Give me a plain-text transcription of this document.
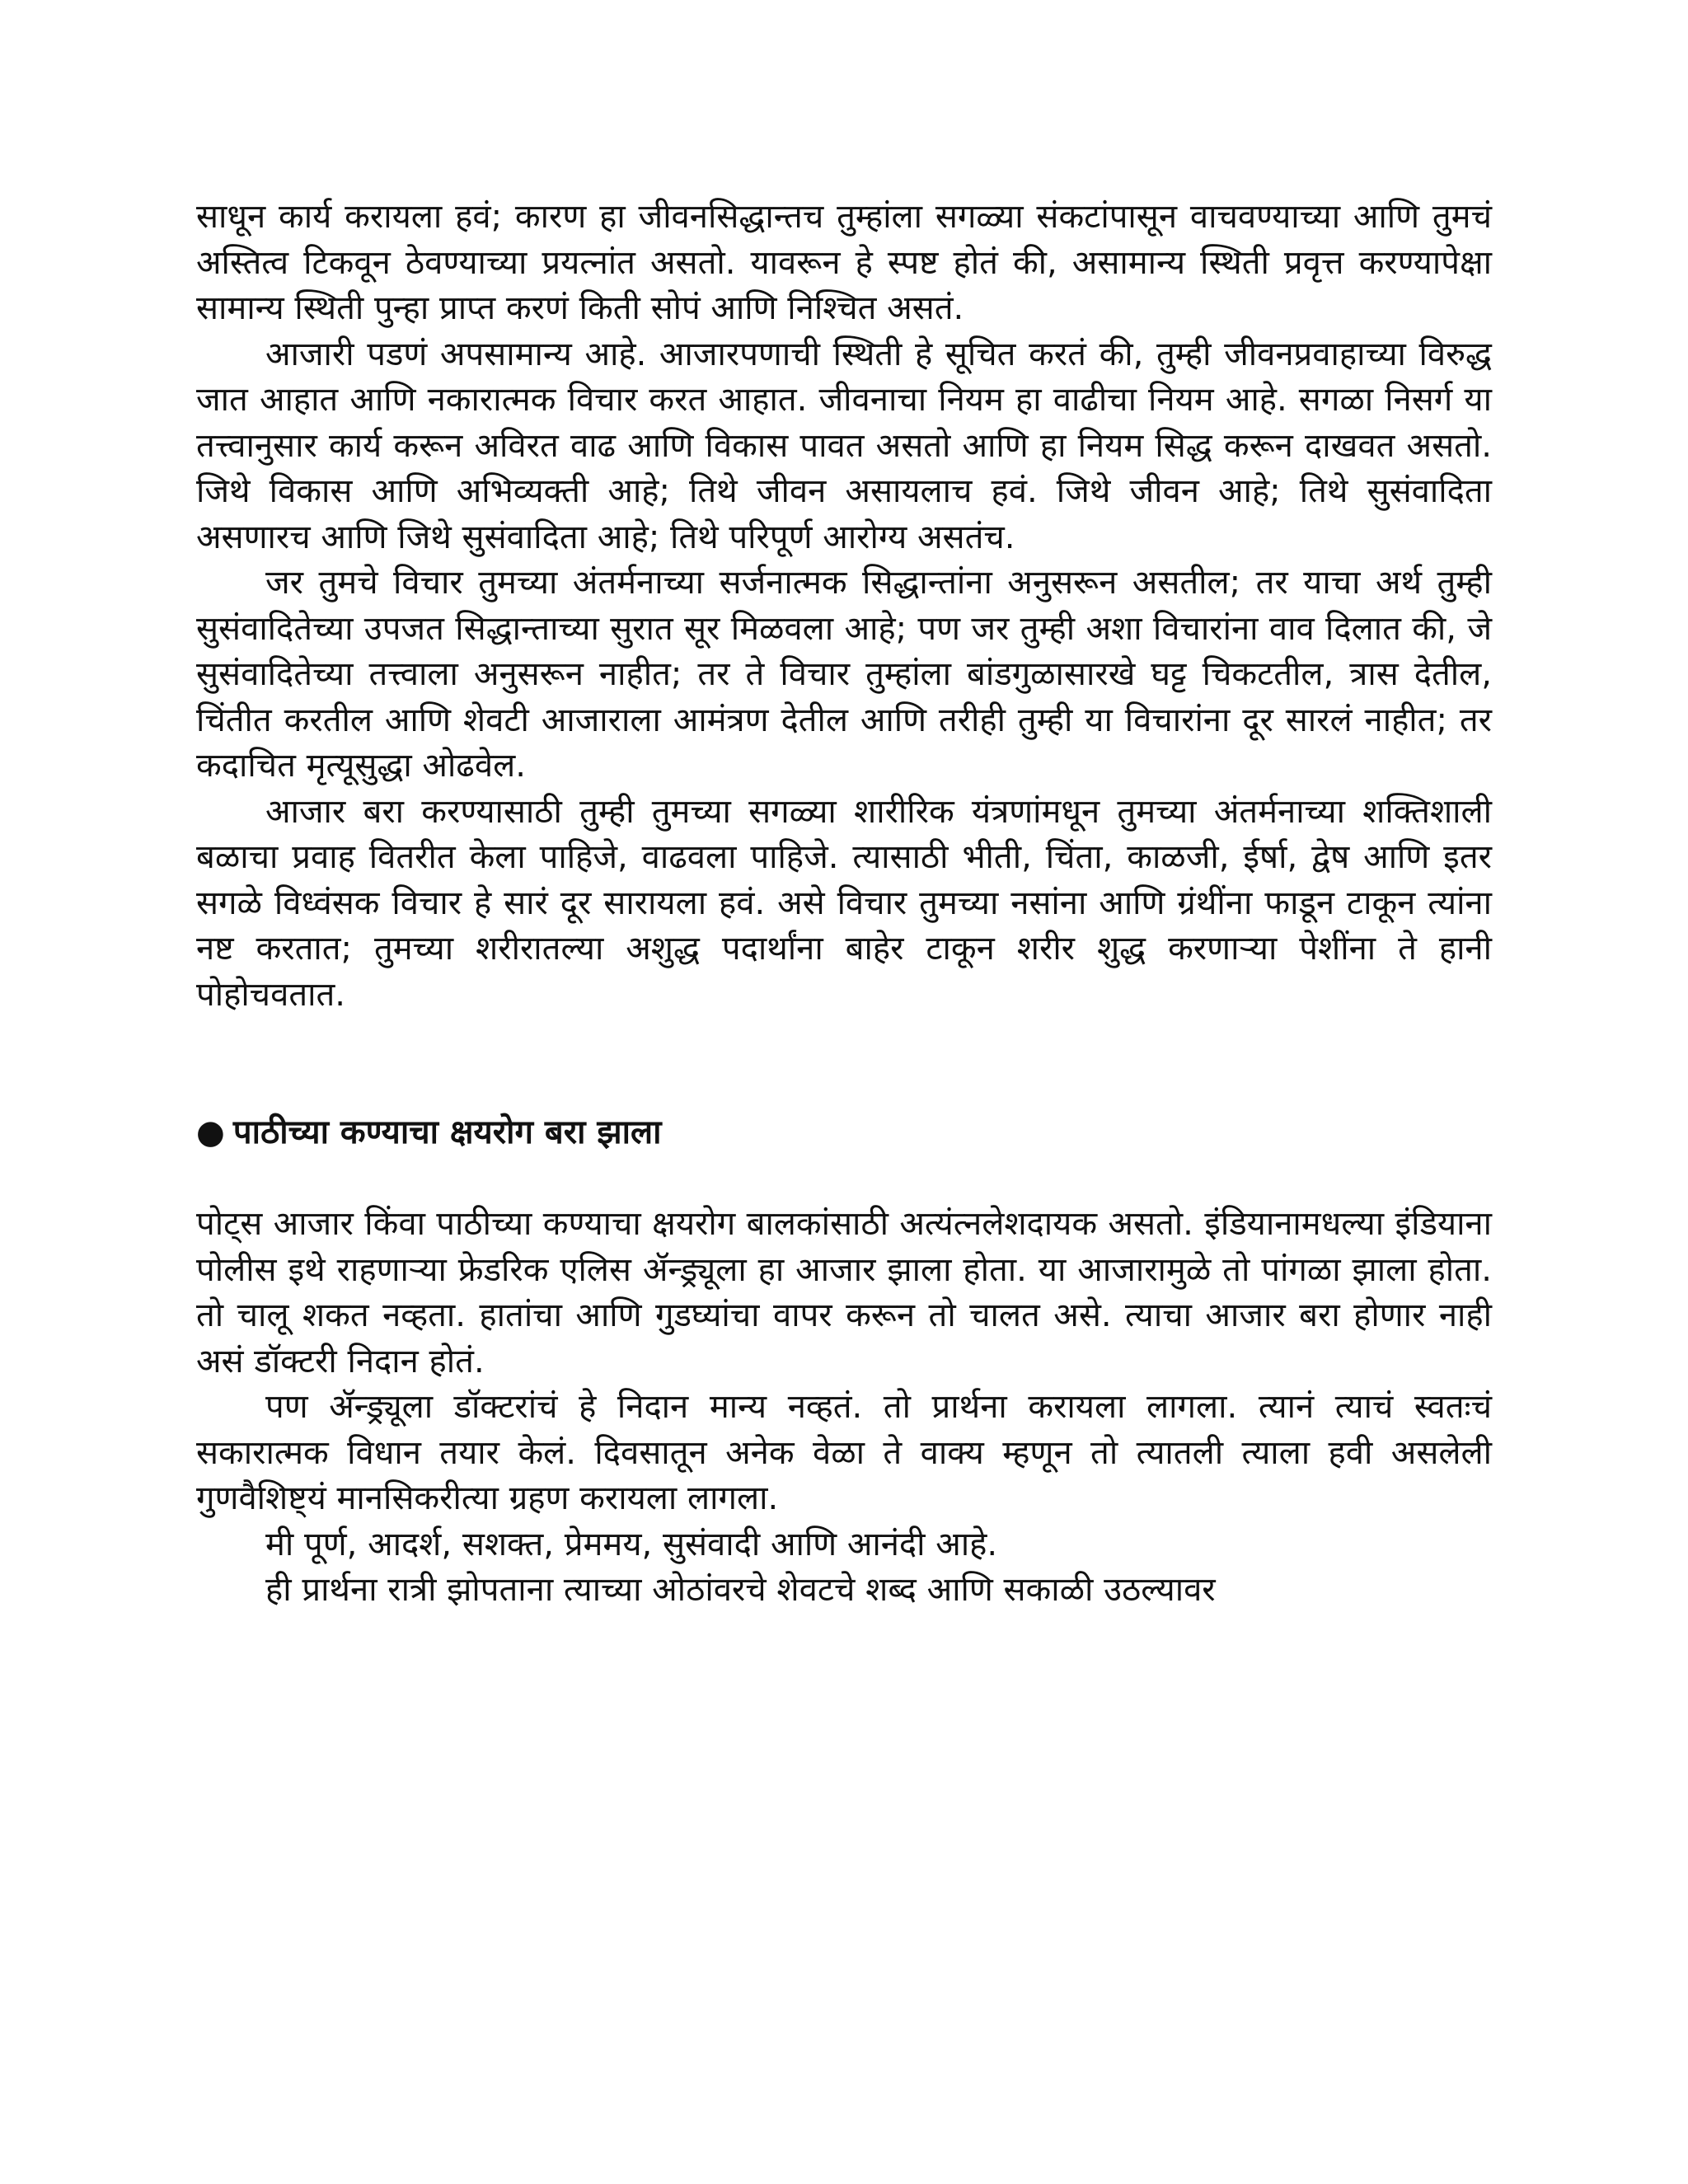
साधून कार्य करायला हवं; कारण हा जीवनसिद्धान्तच तुम्हांला सगळ्या संकटांपासून वाचवण्याच्या आणि तुमचं अस्तित्व टिकवून ठेवण्याच्या प्रयत्नांत असतो. यावरून हे स्पष्ट होतं की, असामान्य स्थिती प्रवृत्त करण्यापेक्षा सामान्य स्थिती पुन्हा प्राप्त करणं किती सोपं आणि निश्चित असतं.

आजारी पडणं अपसामान्य आहे. आजारपणाची स्थिती हे सूचित करतं की, तुम्ही जीवनप्रवाहाच्या विरुद्ध जात आहात आणि नकारात्मक विचार करत आहात. जीवनाचा नियम हा वाढीचा नियम आहे. सगळा निसर्ग या तत्त्वानुसार कार्य करून अविरत वाढ आणि विकास पावत असतो आणि हा नियम सिद्ध करून दाखवत असतो. जिथे विकास आणि अभिव्यक्ती आहे; तिथे जीवन असायलाच हवं. जिथे जीवन आहे; तिथे सुसंवादिता असणारच आणि जिथे सुसंवादिता आहे; तिथे परिपूर्ण आरोग्य असतंच.

जर तुमचे विचार तुमच्या अंतर्मनाच्या सर्जनात्मक सिद्धान्तांना अनुसरून असतील; तर याचा अर्थ तुम्ही सुसंवादितेच्या उपजत सिद्धान्ताच्या सुरात सूर मिळवला आहे; पण जर तुम्ही अशा विचारांना वाव दिलात की, जे सुसंवादितेच्या तत्त्वाला अनुसरून नाहीत; तर ते विचार तुम्हांला बांडगुळासारखे घट्ट चिकटतील, त्रास देतील, चिंतीत करतील आणि शेवटी आजाराला आमंत्रण देतील आणि तरीही तुम्ही या विचारांना दूर सारलं नाहीत; तर कदाचित मृत्यूसुद्धा ओढवेल.

आजार बरा करण्यासाठी तुम्ही तुमच्या सगळ्या शारीरिक यंत्रणांमधून तुमच्या अंतर्मनाच्या शक्तिशाली बळाचा प्रवाह वितरीत केला पाहिजे, वाढवला पाहिजे. त्यासाठी भीती, चिंता, काळजी, ईर्षा, द्वेष आणि इतर सगळे विध्वंसक विचार हे सारं दूर सारायला हवं. असे विचार तुमच्या नसांना आणि ग्रंथींना फाडून टाकून त्यांना नष्ट करतात; तुमच्या शरीरातल्या अशुद्ध पदार्थांना बाहेर टाकून शरीर शुद्ध करणाऱ्या पेशींना ते हानी पोहोचवतात.

● पाठीच्या कण्याचा क्षयरोग बरा झाला

पोट्स आजार किंवा पाठीच्या कण्याचा क्षयरोग बालकांसाठी अत्यंत्नलेशदायक असतो. इंडियानामधल्या इंडियाना पोलीस इथे राहणाऱ्या फ्रेडरिक एलिस ॲन्ड्र्यूला हा आजार झाला होता. या आजारामुळे तो पांगळा झाला होता. तो चालू शकत नव्हता. हातांचा आणि गुडघ्यांचा वापर करून तो चालत असे. त्याचा आजार बरा होणार नाही असं डॉक्टरी निदान होतं.

पण ॲन्ड्र्यूला डॉक्टरांचं हे निदान मान्य नव्हतं. तो प्रार्थना करायला लागला. त्यानं त्याचं स्वतःचं सकारात्मक विधान तयार केलं. दिवसातून अनेक वेळा ते वाक्य म्हणून तो त्यातली त्याला हवी असलेली गुणवैशिष्ट्यं मानसिकरीत्या ग्रहण करायला लागला.

मी पूर्ण, आदर्श, सशक्त, प्रेममय, सुसंवादी आणि आनंदी आहे.

ही प्रार्थना रात्री झोपताना त्याच्या ओठांवरचे शेवटचे शब्द आणि सकाळी उठल्यावर
